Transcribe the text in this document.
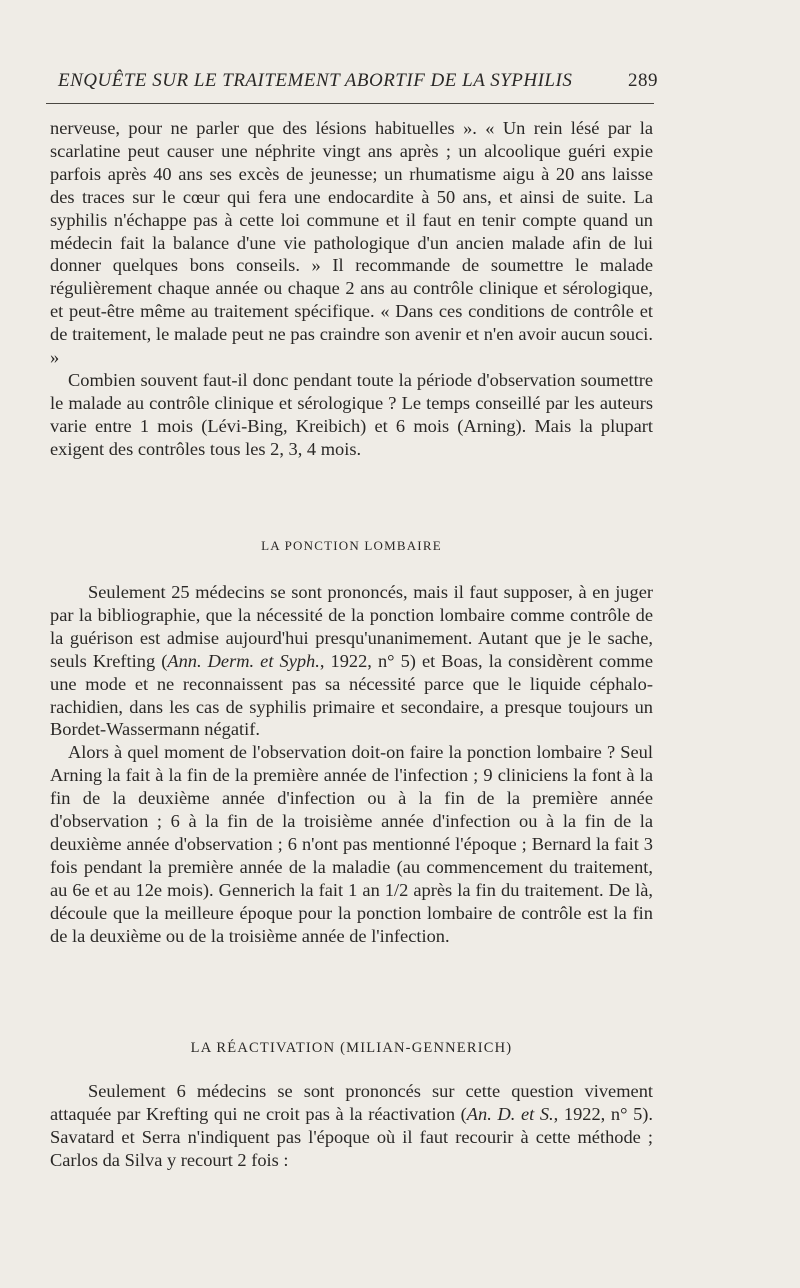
ENQUÊTE SUR LE TRAITEMENT ABORTIF DE LA SYPHILIS	289

nerveuse, pour ne parler que des lésions habituelles ». « Un rein lésé par la scarlatine peut causer une néphrite vingt ans après ; un alcoolique guéri expie parfois après 40 ans ses excès de jeunesse; un rhumatisme aigu à 20 ans laisse des traces sur le cœur qui fera une endocardite à 50 ans, et ainsi de suite. La syphilis n'échappe pas à cette loi commune et il faut en tenir compte quand un médecin fait la balance d'une vie pathologique d'un ancien malade afin de lui donner quelques bons conseils. » Il recommande de soumettre le malade régulièrement chaque année ou chaque 2 ans au contrôle clinique et sérologique, et peut-être même au traitement spécifique. « Dans ces conditions de contrôle et de traitement, le malade peut ne pas craindre son avenir et n'en avoir aucun souci. »

Combien souvent faut-il donc pendant toute la période d'observation soumettre le malade au contrôle clinique et sérologique ? Le temps conseillé par les auteurs varie entre 1 mois (Lévi-Bing, Kreibich) et 6 mois (Arning). Mais la plupart exigent des contrôles tous les 2, 3, 4 mois.

LA PONCTION LOMBAIRE

Seulement 25 médecins se sont prononcés, mais il faut supposer, à en juger par la bibliographie, que la nécessité de la ponction lombaire comme contrôle de la guérison est admise aujourd'hui presqu'unanimement. Autant que je le sache, seuls Krefting (Ann. Derm. et Syph., 1922, n° 5) et Boas, la considèrent comme une mode et ne reconnaissent pas sa nécessité parce que le liquide céphalo-rachidien, dans les cas de syphilis primaire et secondaire, a presque toujours un Bordet-Wassermann négatif.

Alors à quel moment de l'observation doit-on faire la ponction lombaire ? Seul Arning la fait à la fin de la première année de l'infection ; 9 cliniciens la font à la fin de la deuxième année d'infection ou à la fin de la première année d'observation ; 6 à la fin de la troisième année d'infection ou à la fin de la deuxième année d'observation ; 6 n'ont pas mentionné l'époque ; Bernard la fait 3 fois pendant la première année de la maladie (au commencement du traitement, au 6e et au 12e mois). Gennerich la fait 1 an 1/2 après la fin du traitement. De là, découle que la meilleure époque pour la ponction lombaire de contrôle est la fin de la deuxième ou de la troisième année de l'infection.

LA RÉACTIVATION (MILIAN-GENNERICH)

Seulement 6 médecins se sont prononcés sur cette question vivement attaquée par Krefting qui ne croit pas à la réactivation (An. D. et S., 1922, n° 5). Savatard et Serra n'indiquent pas l'époque où il faut recourir à cette méthode ; Carlos da Silva y recourt 2 fois :
